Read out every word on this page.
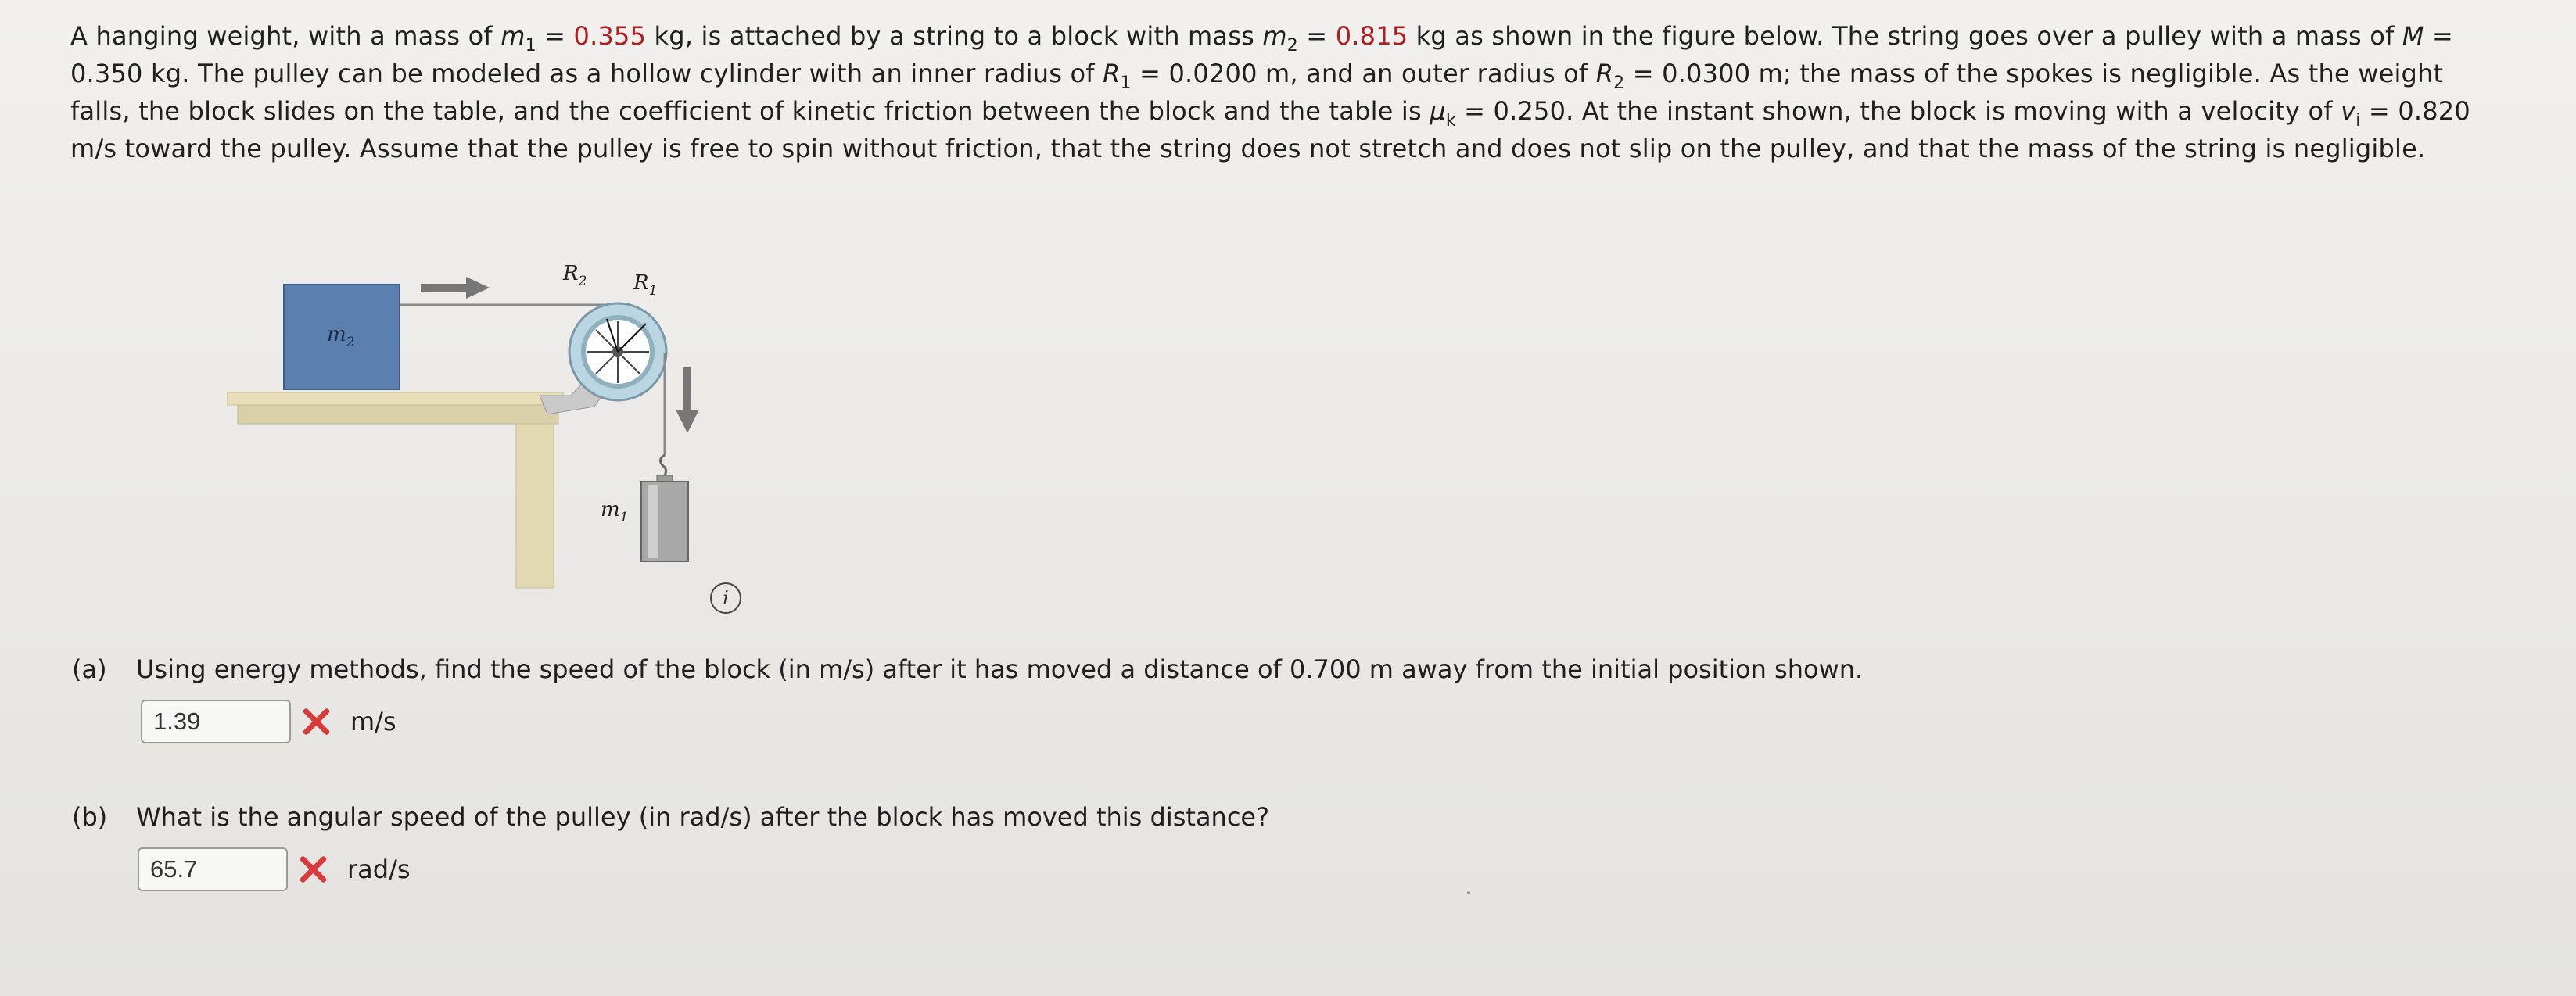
A hanging weight, with a mass of $m_1 = 0.355$ kg, is attached by a string to a block with mass $m_2 = 0.815$ kg as shown in the figure below. The string goes over a pulley with a mass of M = 0.350 kg. The pulley can be modeled as a hollow cylinder with an inner radius of $R_1 = 0.0200$ m, and an outer radius of $R_2 = 0.0300$ m; the mass of the spokes is negligible. As the weight falls, the block slides on the table, and the coefficient of kinetic friction between the block and the table is $\mu_k = 0.250$. At the instant shown, the block is moving with a velocity of $v_i = 0.820$ m/s toward the pulley. Assume that the pulley is free to spin without friction, that the string does not stretch and does not slip on the pulley, and that the mass of the string is negligible.

$m_2$
$R_2$ $R_1$
$m_1$
i
(a) Using energy methods, find the speed of the block (in m/s) after it has moved a distance of 0.700 m away from the initial position shown.
1.39	m/s
(b) What is the angular speed of the pulley (in rad/s) after the block has moved this distance?
65.7	rad/s
